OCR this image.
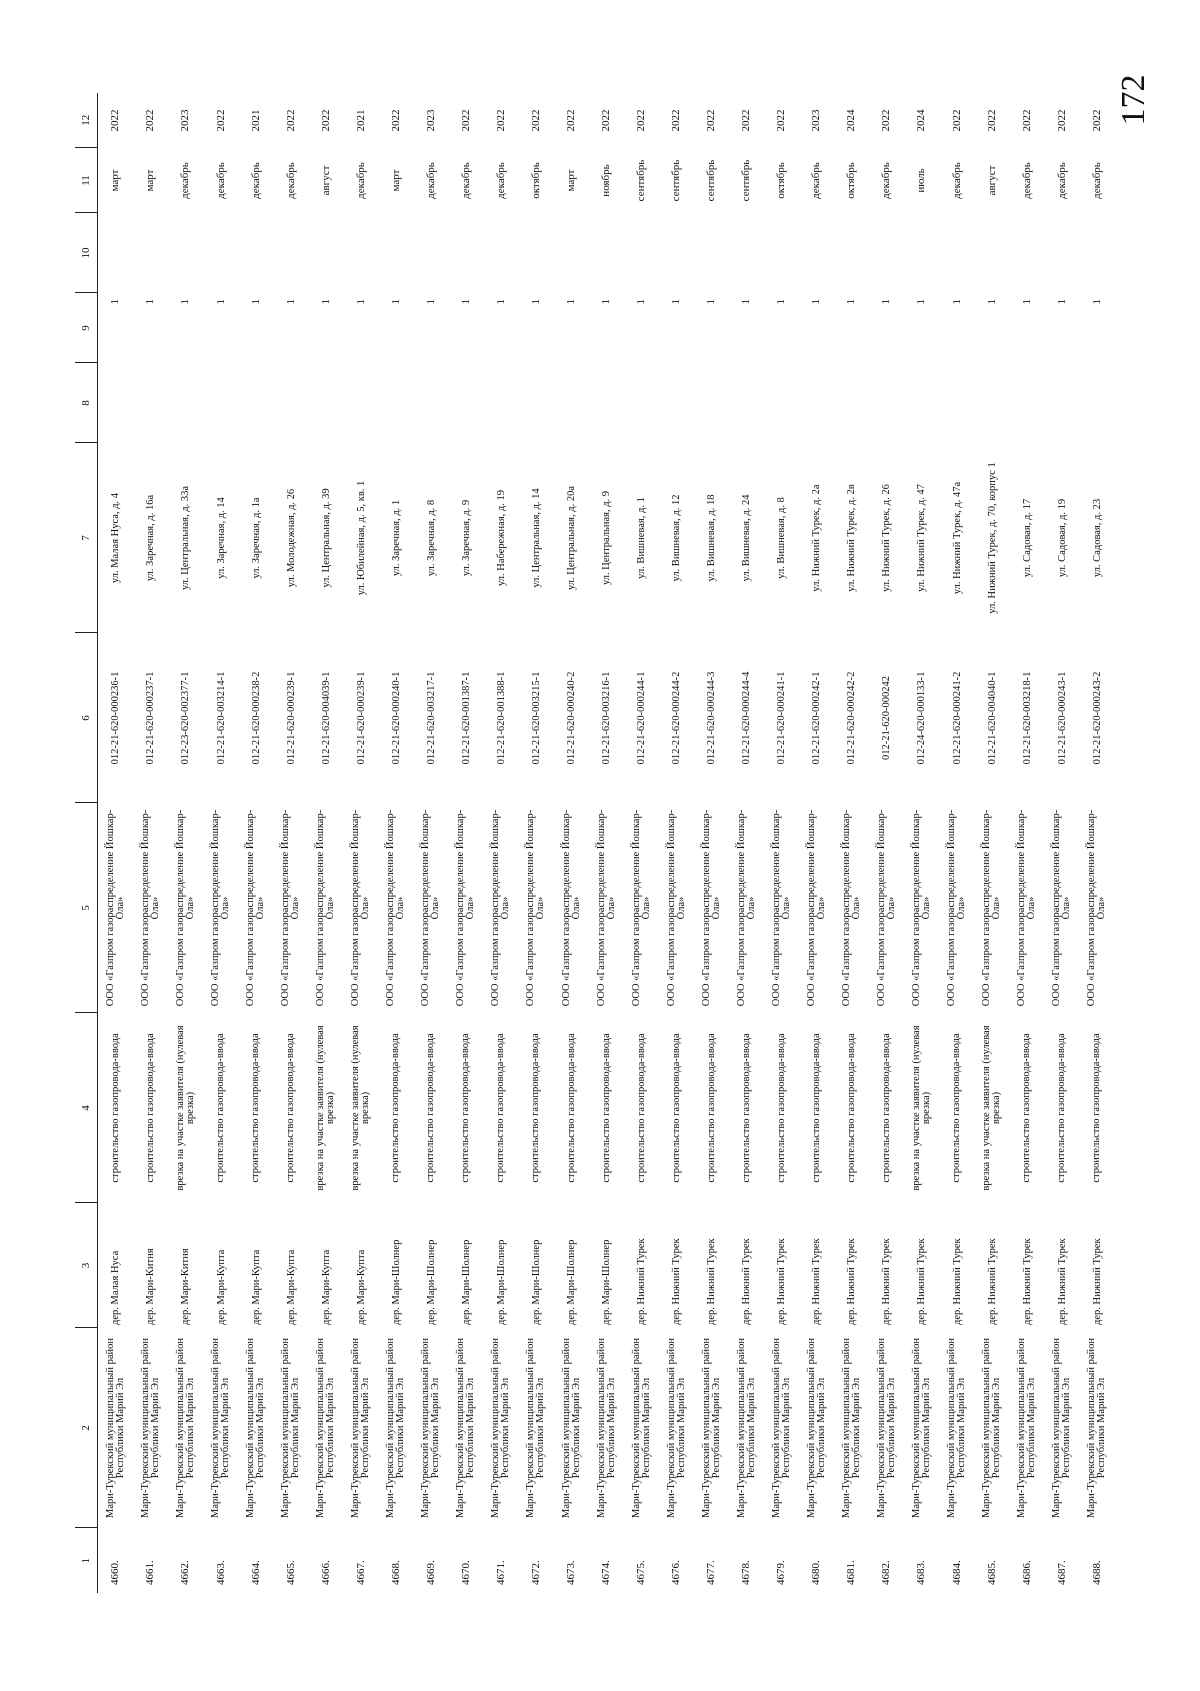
172
1	2	3	4	5	6	7	8	9	10	11	12
4660.	Мари-Турекский муниципальный район Республики Марий Эл	дер. Малая Нуса	строительство газопровода-ввода	ООО «Газпром газораспределение Йошкар-Ола»	012-21-620-000236-1	ул. Малая Нуса, д. 4		1		март	2022
4661.	Мари-Турекский муниципальный район Республики Марий Эл	дер. Мари-Китня	строительство газопровода-ввода	ООО «Газпром газораспределение Йошкар-Ола»	012-21-620-000237-1	ул. Заречная, д. 16а		1		март	2022
4662.	Мари-Турекский муниципальный район Республики Марий Эл	дер. Мари-Китня	врезка на участке заявителя (нулевая врезка)	ООО «Газпром газораспределение Йошкар-Ола»	012-23-620-002377-1	ул. Центральная, д. 33а		1		декабрь	2023
4663.	Мари-Турекский муниципальный район Республики Марий Эл	дер. Мари-Купта	строительство газопровода-ввода	ООО «Газпром газораспределение Йошкар-Ола»	012-21-620-003214-1	ул. Заречная, д. 14		1		декабрь	2022
4664.	Мари-Турекский муниципальный район Республики Марий Эл	дер. Мари-Купта	строительство газопровода-ввода	ООО «Газпром газораспределение Йошкар-Ола»	012-21-620-000238-2	ул. Заречная, д. 1а		1		декабрь	2021
4665.	Мари-Турекский муниципальный район Республики Марий Эл	дер. Мари-Купта	строительство газопровода-ввода	ООО «Газпром газораспределение Йошкар-Ола»	012-21-620-000239-1	ул. Молодежная, д. 26		1		декабрь	2022
4666.	Мари-Турекский муниципальный район Республики Марий Эл	дер. Мари-Купта	врезка на участке заявителя (нулевая врезка)	ООО «Газпром газораспределение Йошкар-Ола»	012-21-620-004039-1	ул. Центральная, д. 39		1		август	2022
4667.	Мари-Турекский муниципальный район Республики Марий Эл	дер. Мари-Купта	врезка на участке заявителя (нулевая врезка)	ООО «Газпром газораспределение Йошкар-Ола»	012-21-620-000239-1	ул. Юбилейная, д. 5, кв. 1		1		декабрь	2021
4668.	Мари-Турекский муниципальный район Республики Марий Эл	дер. Мари-Шолнер	строительство газопровода-ввода	ООО «Газпром газораспределение Йошкар-Ола»	012-21-620-000240-1	ул. Заречная, д. 1		1		март	2022
4669.	Мари-Турекский муниципальный район Республики Марий Эл	дер. Мари-Шолнер	строительство газопровода-ввода	ООО «Газпром газораспределение Йошкар-Ола»	012-21-620-003217-1	ул. Заречная, д. 8		1		декабрь	2023
4670.	Мари-Турекский муниципальный район Республики Марий Эл	дер. Мари-Шолнер	строительство газопровода-ввода	ООО «Газпром газораспределение Йошкар-Ола»	012-21-620-001387-1	ул. Заречная, д. 9		1		декабрь	2022
4671.	Мари-Турекский муниципальный район Республики Марий Эл	дер. Мари-Шолнер	строительство газопровода-ввода	ООО «Газпром газораспределение Йошкар-Ола»	012-21-620-001388-1	ул. Набережная, д. 19		1		декабрь	2022
4672.	Мари-Турекский муниципальный район Республики Марий Эл	дер. Мари-Шолнер	строительство газопровода-ввода	ООО «Газпром газораспределение Йошкар-Ола»	012-21-620-003215-1	ул. Центральная, д. 14		1		октябрь	2022
4673.	Мари-Турекский муниципальный район Республики Марий Эл	дер. Мари-Шолнер	строительство газопровода-ввода	ООО «Газпром газораспределение Йошкар-Ола»	012-21-620-000240-2	ул. Центральная, д. 20а		1		март	2022
4674.	Мари-Турекский муниципальный район Республики Марий Эл	дер. Мари-Шолнер	строительство газопровода-ввода	ООО «Газпром газораспределение Йошкар-Ола»	012-21-620-003216-1	ул. Центральная, д. 9		1		ноябрь	2022
4675.	Мари-Турекский муниципальный район Республики Марий Эл	дер. Нижний Турек	строительство газопровода-ввода	ООО «Газпром газораспределение Йошкар-Ола»	012-21-620-000244-1	ул. Вишневая, д. 1		1		сентябрь	2022
4676.	Мари-Турекский муниципальный район Республики Марий Эл	дер. Нижний Турек	строительство газопровода-ввода	ООО «Газпром газораспределение Йошкар-Ола»	012-21-620-000244-2	ул. Вишневая, д. 12		1		сентябрь	2022
4677.	Мари-Турекский муниципальный район Республики Марий Эл	дер. Нижний Турек	строительство газопровода-ввода	ООО «Газпром газораспределение Йошкар-Ола»	012-21-620-000244-3	ул. Вишневая, д. 18		1		сентябрь	2022
4678.	Мари-Турекский муниципальный район Республики Марий Эл	дер. Нижний Турек	строительство газопровода-ввода	ООО «Газпром газораспределение Йошкар-Ола»	012-21-620-000244-4	ул. Вишневая, д. 24		1		сентябрь	2022
4679.	Мари-Турекский муниципальный район Республики Марий Эл	дер. Нижний Турек	строительство газопровода-ввода	ООО «Газпром газораспределение Йошкар-Ола»	012-21-620-000241-1	ул. Вишневая, д. 8		1		октябрь	2022
4680.	Мари-Турекский муниципальный район Республики Марий Эл	дер. Нижний Турек	строительство газопровода-ввода	ООО «Газпром газораспределение Йошкар-Ола»	012-21-620-000242-1	ул. Нижний Турек, д. 2а		1		декабрь	2023
4681.	Мари-Турекский муниципальный район Республики Марий Эл	дер. Нижний Турек	строительство газопровода-ввода	ООО «Газпром газораспределение Йошкар-Ола»	012-21-620-000242-2	ул. Нижний Турек, д. 2в		1		октябрь	2024
4682.	Мари-Турекский муниципальный район Республики Марий Эл	дер. Нижний Турек	строительство газопровода-ввода	ООО «Газпром газораспределение Йошкар-Ола»	012-21-620-000242	ул. Нижний Турек, д. 26		1		декабрь	2022
4683.	Мари-Турекский муниципальный район Республики Марий Эл	дер. Нижний Турек	врезка на участке заявителя (нулевая врезка)	ООО «Газпром газораспределение Йошкар-Ола»	012-24-620-000133-1	ул. Нижний Турек, д. 47		1		июль	2024
4684.	Мари-Турекский муниципальный район Республики Марий Эл	дер. Нижний Турек	строительство газопровода-ввода	ООО «Газпром газораспределение Йошкар-Ола»	012-21-620-000241-2	ул. Нижний Турек, д. 47а		1		декабрь	2022
4685.	Мари-Турекский муниципальный район Республики Марий Эл	дер. Нижний Турек	врезка на участке заявителя (нулевая врезка)	ООО «Газпром газораспределение Йошкар-Ола»	012-21-620-004040-1	ул. Нижний Турек, д. 70, корпус 1		1		август	2022
4686.	Мари-Турекский муниципальный район Республики Марий Эл	дер. Нижний Турек	строительство газопровода-ввода	ООО «Газпром газораспределение Йошкар-Ола»	012-21-620-003218-1	ул. Садовая, д. 17		1		декабрь	2022
4687.	Мари-Турекский муниципальный район Республики Марий Эл	дер. Нижний Турек	строительство газопровода-ввода	ООО «Газпром газораспределение Йошкар-Ола»	012-21-620-000243-1	ул. Садовая, д. 19		1		декабрь	2022
4688.	Мари-Турекский муниципальный район Республики Марий Эл	дер. Нижний Турек	строительство газопровода-ввода	ООО «Газпром газораспределение Йошкар-Ола»	012-21-620-000243-2	ул. Садовая, д. 23		1		декабрь	2022
